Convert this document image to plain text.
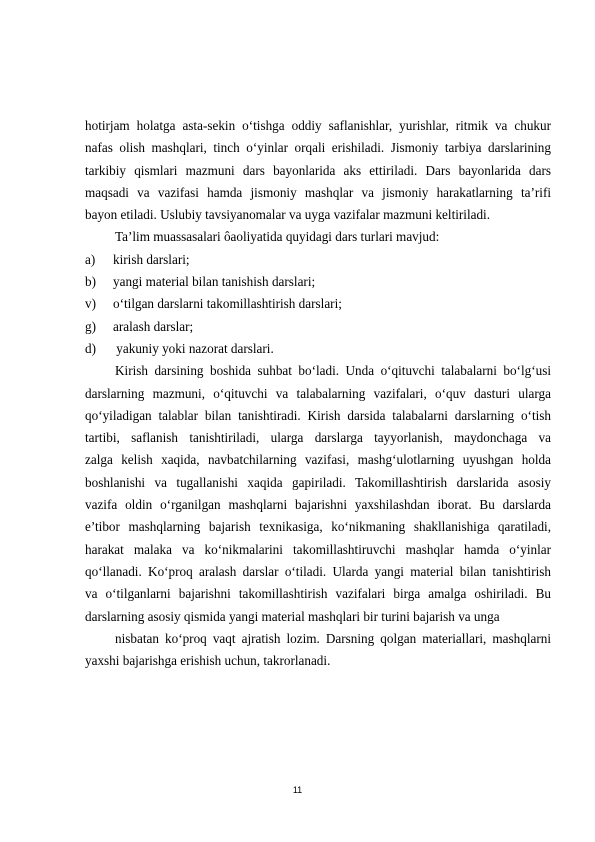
hotirjam holatga asta-sekin o‘tishga oddiy saflanishlar, yurishlar, ritmik va chukur
nafas olish mashqlari, tinch o‘yinlar orqali erishiladi. Jismoniy tarbiya darslarining
tarkibiy qismlari mazmuni dars bayonlarida aks ettiriladi. Dars bayonlarida dars
maqsadi va vazifasi hamda jismoniy mashqlar va jismoniy harakatlarning ta’rifi
bayon etiladi. Uslubiy tavsiyanomalar va uyga vazifalar mazmuni keltiriladi.
Ta’lim muassasalari ôaoliyatida quyidagi dars turlari mavjud:
a)	kirish darslari;
b)	yangi material bilan tanishish darslari;
v)	o‘tilgan darslarni takomillashtirish darslari;
g)	aralash darslar;
d)	yakuniy yoki nazorat darslari.
Kirish darsining boshida suhbat bo‘ladi. Unda o‘qituvchi talabalarni bo‘lg‘usi
darslarning mazmuni, o‘qituvchi va talabalarning vazifalari, o‘quv dasturi ularga
qo‘yiladigan talablar bilan tanishtiradi. Kirish darsida talabalarni darslarning o‘tish
tartibi, saflanish tanishtiriladi, ularga darslarga tayyorlanish, maydonchaga va
zalga kelish xaqida, navbatchilarning vazifasi, mashg‘ulotlarning uyushgan holda
boshlanishi va tugallanishi xaqida gapiriladi. Takomillashtirish darslarida asosiy
vazifa oldin o‘rganilgan mashqlarni bajarishni yaxshilashdan iborat. Bu darslarda
e’tibor mashqlarning bajarish texnikasiga, ko‘nikmaning shakllanishiga qaratiladi,
harakat malaka va ko‘nikmalarini takomillashtiruvchi mashqlar hamda o‘yinlar
qo‘llanadi. Ko‘proq aralash darslar o‘tiladi. Ularda yangi material bilan tanishtirish
va o‘tilganlarni bajarishni takomillashtirish vazifalari birga amalga oshiriladi. Bu
darslarning asosiy qismida yangi material mashqlari bir turini bajarish va unga
nisbatan ko‘proq vaqt ajratish lozim. Darsning qolgan materiallari, mashqlarni
yaxshi bajarishga erishish uchun, takrorlanadi.
11
